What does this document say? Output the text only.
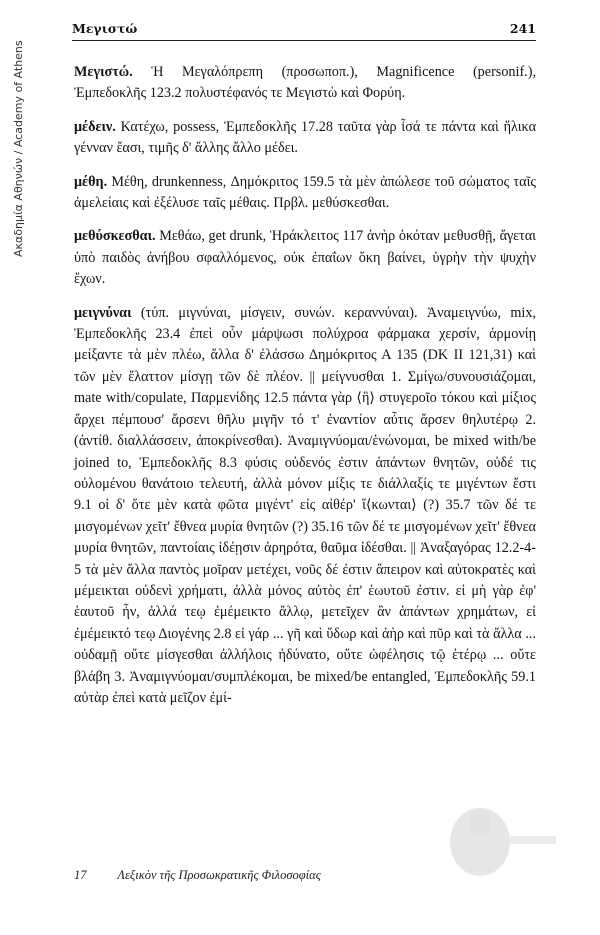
Ακαδημία Αθηνών / Academy of Athens
Μεγιστώ	241

Μεγιστώ. Ἡ Μεγαλόπρεπη (προσωποπ.), Magnificence (personif.), Ἐμπεδοκλῆς 123.2 πολυστέφανός τε Μεγιστὼ καὶ Φορύη.

μέδειν. Κατέχω, possess, Ἐμπεδοκλῆς 17.28 ταῦτα γὰρ ἶσά τε πάντα καὶ ἥλικα γένναν ἔασι, τιμῆς δ' ἄλλης ἄλλο μέδει.

μέθη. Μέθη, drunkenness, Δημόκριτος 159.5 τὰ μὲν ἀπώλεσε τοῦ σώματος ταῖς ἀμελείαις καὶ ἐξέλυσε ταῖς μέθαις. Πρβλ. μεθύσκεσθαι.

μεθύσκεσθαι. Μεθάω, get drunk, Ἡράκλειτος 117 ἀνὴρ ὁκόταν μεθυσθῇ, ἄγεται ὑπὸ παιδὸς ἀνήβου σφαλλόμενος, οὐκ ἐπαΐων ὅκη βαίνει, ὑγρὴν τὴν ψυχὴν ἔχων.

μειγνύναι (τύπ. μιγνύναι, μίσγειν, συνών. κεραννύναι). Ἀναμειγνύω, mix, Ἐμπεδοκλῆς 23.4 ἐπεὶ οὖν μάρψωσι πολύχροα φάρμακα χερσίν, ἁρμονίῃ μείξαντε τὰ μὲν πλέω, ἄλλα δ' ἐλάσσω Δημόκριτος Α 135 (DK II 121,31) καὶ τῶν μὲν ἔλαττον μίσγῃ τῶν δὲ πλέον. || μείγνυσθαι 1. Σμίγω/συνουσιάζομαι, mate with/copulate, Παρμενίδης 12.5 πάντα γὰρ ⟨ἣ⟩ στυγεροῖο τόκου καὶ μίξιος ἄρχει πέμπουσ' ἄρσενι θῆλυ μιγῆν τό τ' ἐναντίον αὖτις ἄρσεν θηλυτέρῳ 2. (ἀντίθ. διαλλάσσειν, ἀποκρίνεσθαι). Ἀναμιγνύομαι/ἑνώνομαι, be mixed with/be joined to, Ἐμπεδοκλῆς 8.3 φύσις οὐδενός ἐστιν ἁπάντων θνητῶν, οὐδέ τις οὐλομένου θανάτοιο τελευτή, ἀλλὰ μόνον μίξις τε διάλλαξίς τε μιγέντων ἔστι 9.1 οἱ δ' ὅτε μὲν κατὰ φῶτα μιγέντ' εἰς αἰθέρ' ἵ⟨κωνται⟩ (?) 35.7 τῶν δέ τε μισγομένων χεῖτ' ἔθνεα μυρία θνητῶν (?) 35.16 τῶν δέ τε μισγομένων χεῖτ' ἔθνεα μυρία θνητῶν, παντοίαις ἰδέῃσιν ἀρηρότα, θαῦμα ἰδέσθαι. || Ἀναξαγόρας 12.2-4-5 τὰ μὲν ἄλλα παντὸς μοῖραν μετέχει, νοῦς δέ ἐστιν ἄπειρον καὶ αὐτοκρατὲς καὶ μέμεικται οὐδενὶ χρήματι, ἀλλὰ μόνος αὐτὸς ἐπ' ἑωυτοῦ ἐστιν. εἰ μὴ γὰρ ἐφ' ἑαυτοῦ ἦν, ἀλλά τεῳ ἐμέμεικτο ἄλλῳ, μετεῖχεν ἂν ἁπάντων χρημάτων, εἰ ἐμέμεικτό τεῳ Διογένης 2.8 εἰ γάρ ... γῆ καὶ ὕδωρ καὶ ἀὴρ καὶ πῦρ καὶ τὰ ἄλλα ... οὐδαμῇ οὔτε μίσγεσθαι ἀλλήλοις ἠδύνατο, οὔτε ὠφέλησις τῷ ἑτέρῳ ... οὔτε βλάβη 3. Ἀναμιγνύομαι/συμπλέκομαι, be mixed/be entangled, Ἐμπεδοκλῆς 59.1 αὐτὰρ ἐπεὶ κατὰ μεῖζον ἐμί-

17 Λεξικὸν τῆς Προσωκρατικῆς Φιλοσοφίας
